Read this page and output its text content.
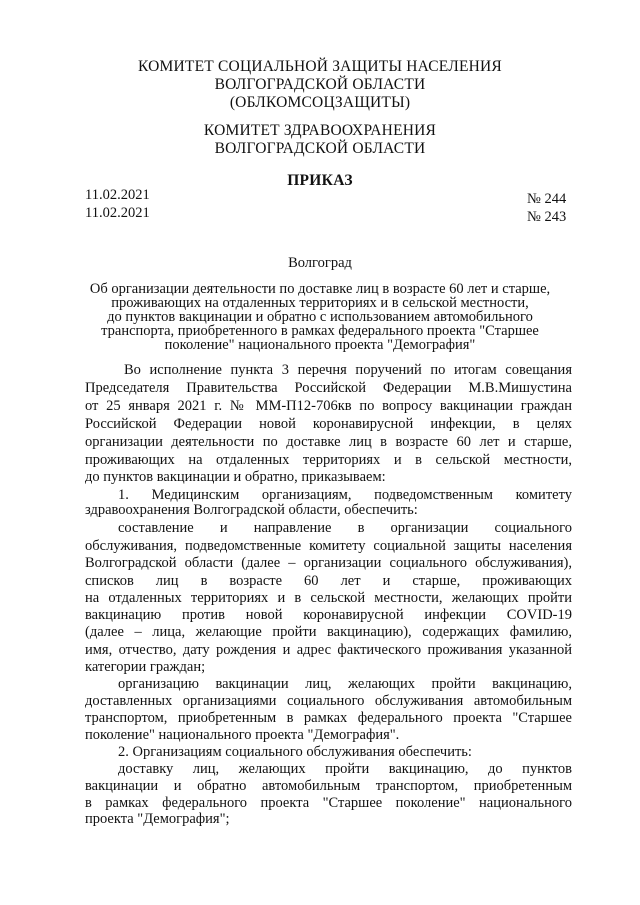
КОМИТЕТ СОЦИАЛЬНОЙ ЗАЩИТЫ НАСЕЛЕНИЯ
ВОЛГОГРАДСКОЙ ОБЛАСТИ
(ОБЛКОМСОЦЗАЩИТЫ)
КОМИТЕТ ЗДРАВООХРАНЕНИЯ
ВОЛГОГРАДСКОЙ ОБЛАСТИ
ПРИКАЗ
11.02.2021
11.02.2021
№ 244
№ 243
Волгоград
Об организации деятельности по доставке лиц в возрасте 60 лет и старше,
проживающих на отдаленных территориях и в сельской местности,
до пунктов вакцинации и обратно с использованием автомобильного
транспорта, приобретенного в рамках федерального проекта "Старшее
поколение" национального проекта "Демография"
Во исполнение пункта 3 перечня поручений по итогам совещания
Председателя Правительства Российской Федерации М.В.Мишустина
от 25 января 2021 г. № ММ-П12-706кв по вопросу вакцинации граждан
Российской Федерации новой коронавирусной инфекции, в целях
организации деятельности по доставке лиц в возрасте 60 лет и старше,
проживающих на отдаленных территориях и в сельской местности,
до пунктов вакцинации и обратно, приказываем:
1. Медицинским организациям, подведомственным комитету
здравоохранения Волгоградской области, обеспечить:
составление и направление в организации социального
обслуживания, подведомственные комитету социальной защиты населения
Волгоградской области (далее – организации социального обслуживания),
списков лиц в возрасте 60 лет и старше, проживающих
на отдаленных территориях и в сельской местности, желающих пройти
вакцинацию против новой коронавирусной инфекции COVID-19
(далее – лица, желающие пройти вакцинацию), содержащих фамилию,
имя, отчество, дату рождения и адрес фактического проживания указанной
категории граждан;
организацию вакцинации лиц, желающих пройти вакцинацию,
доставленных организациями социального обслуживания автомобильным
транспортом, приобретенным в рамках федерального проекта "Старшее
поколение" национального проекта "Демография".
2. Организациям социального обслуживания обеспечить:
доставку лиц, желающих пройти вакцинацию, до пунктов
вакцинации и обратно автомобильным транспортом, приобретенным
в рамках федерального проекта "Старшее поколение" национального
проекта "Демография";
